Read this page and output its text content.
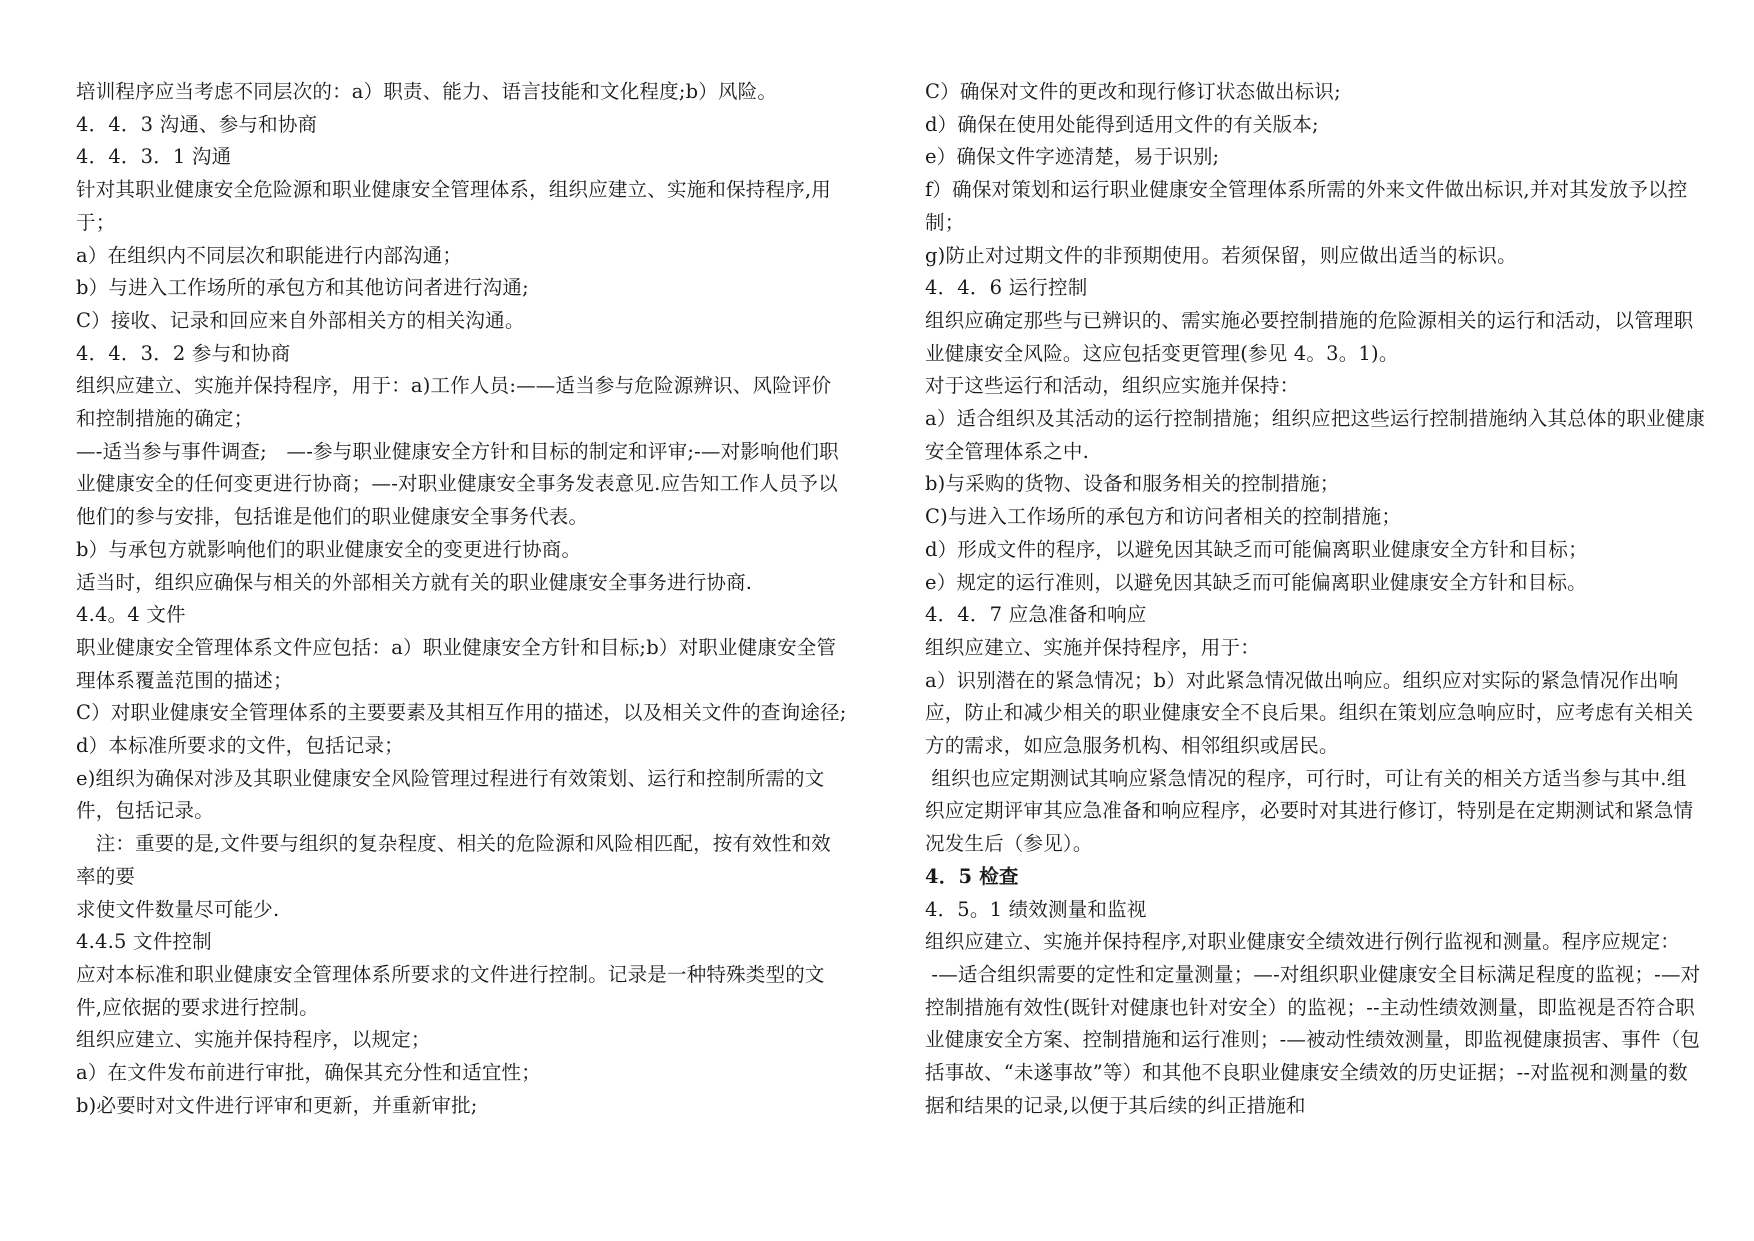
培训程序应当考虑不同层次的：a）职责、能力、语言技能和文化程度;b）风险。

4．4．3 沟通、参与和协商

4．4．3．1 沟通

针对其职业健康安全危险源和职业健康安全管理体系，组织应建立、实施和保持程序,用于；

a）在组织内不同层次和职能进行内部沟通；

b）与进入工作场所的承包方和其他访问者进行沟通;

C）接收、记录和回应来自外部相关方的相关沟通。

4．4．3．2 参与和协商

组织应建立、实施并保持程序，用于：a)工作人员:——适当参与危险源辨识、风险评价和控制措施的确定；

—-适当参与事件调查;　—-参与职业健康安全方针和目标的制定和评审;-—对影响他们职业健康安全的任何变更进行协商；—-对职业健康安全事务发表意见.应告知工作人员予以他们的参与安排，包括谁是他们的职业健康安全事务代表。

b）与承包方就影响他们的职业健康安全的变更进行协商。

适当时，组织应确保与相关的外部相关方就有关的职业健康安全事务进行协商.

4.4。4 文件

职业健康安全管理体系文件应包括：a）职业健康安全方针和目标;b）对职业健康安全管理体系覆盖范围的描述；

C）对职业健康安全管理体系的主要要素及其相互作用的描述，以及相关文件的查询途径;

d）本标准所要求的文件，包括记录；

e)组织为确保对涉及其职业健康安全风险管理过程进行有效策划、运行和控制所需的文件，包括记录。

　注：重要的是,文件要与组织的复杂程度、相关的危险源和风险相匹配，按有效性和效率的要

求使文件数量尽可能少.

4.4.5 文件控制

应对本标准和职业健康安全管理体系所要求的文件进行控制。记录是一种特殊类型的文件,应依据的要求进行控制。

组织应建立、实施并保持程序，以规定；

a）在文件发布前进行审批，确保其充分性和适宜性；

b)必要时对文件进行评审和更新，并重新审批;

C）确保对文件的更改和现行修订状态做出标识;

d）确保在使用处能得到适用文件的有关版本;

e）确保文件字迹清楚，易于识别;

f）确保对策划和运行职业健康安全管理体系所需的外来文件做出标识,并对其发放予以控制；

g)防止对过期文件的非预期使用。若须保留，则应做出适当的标识。

4．4．6 运行控制

组织应确定那些与已辨识的、需实施必要控制措施的危险源相关的运行和活动，以管理职业健康安全风险。这应包括变更管理(参见 4。3。1)。

对于这些运行和活动，组织应实施并保持：

a）适合组织及其活动的运行控制措施；组织应把这些运行控制措施纳入其总体的职业健康安全管理体系之中.

b)与采购的货物、设备和服务相关的控制措施；

C)与进入工作场所的承包方和访问者相关的控制措施；

d）形成文件的程序，以避免因其缺乏而可能偏离职业健康安全方针和目标；

e）规定的运行准则，以避免因其缺乏而可能偏离职业健康安全方针和目标。

4．4．7 应急准备和响应

组织应建立、实施并保持程序，用于：

a）识别潜在的紧急情况；b）对此紧急情况做出响应。组织应对实际的紧急情况作出响应，防止和减少相关的职业健康安全不良后果。组织在策划应急响应时，应考虑有关相关方的需求，如应急服务机构、相邻组织或居民。

组织也应定期测试其响应紧急情况的程序，可行时，可让有关的相关方适当参与其中.组织应定期评审其应急准备和响应程序，必要时对其进行修订，特别是在定期测试和紧急情况发生后（参见）。

4．5 检查

4．5。1 绩效测量和监视

组织应建立、实施并保持程序,对职业健康安全绩效进行例行监视和测量。程序应规定：

-—适合组织需要的定性和定量测量；—-对组织职业健康安全目标满足程度的监视；-—对控制措施有效性(既针对健康也针对安全）的监视；--主动性绩效测量，即监视是否符合职业健康安全方案、控制措施和运行准则；-—被动性绩效测量，即监视健康损害、事件（包括事故、“未遂事故”等）和其他不良职业健康安全绩效的历史证据；--对监视和测量的数据和结果的记录,以便于其后续的纠正措施和
